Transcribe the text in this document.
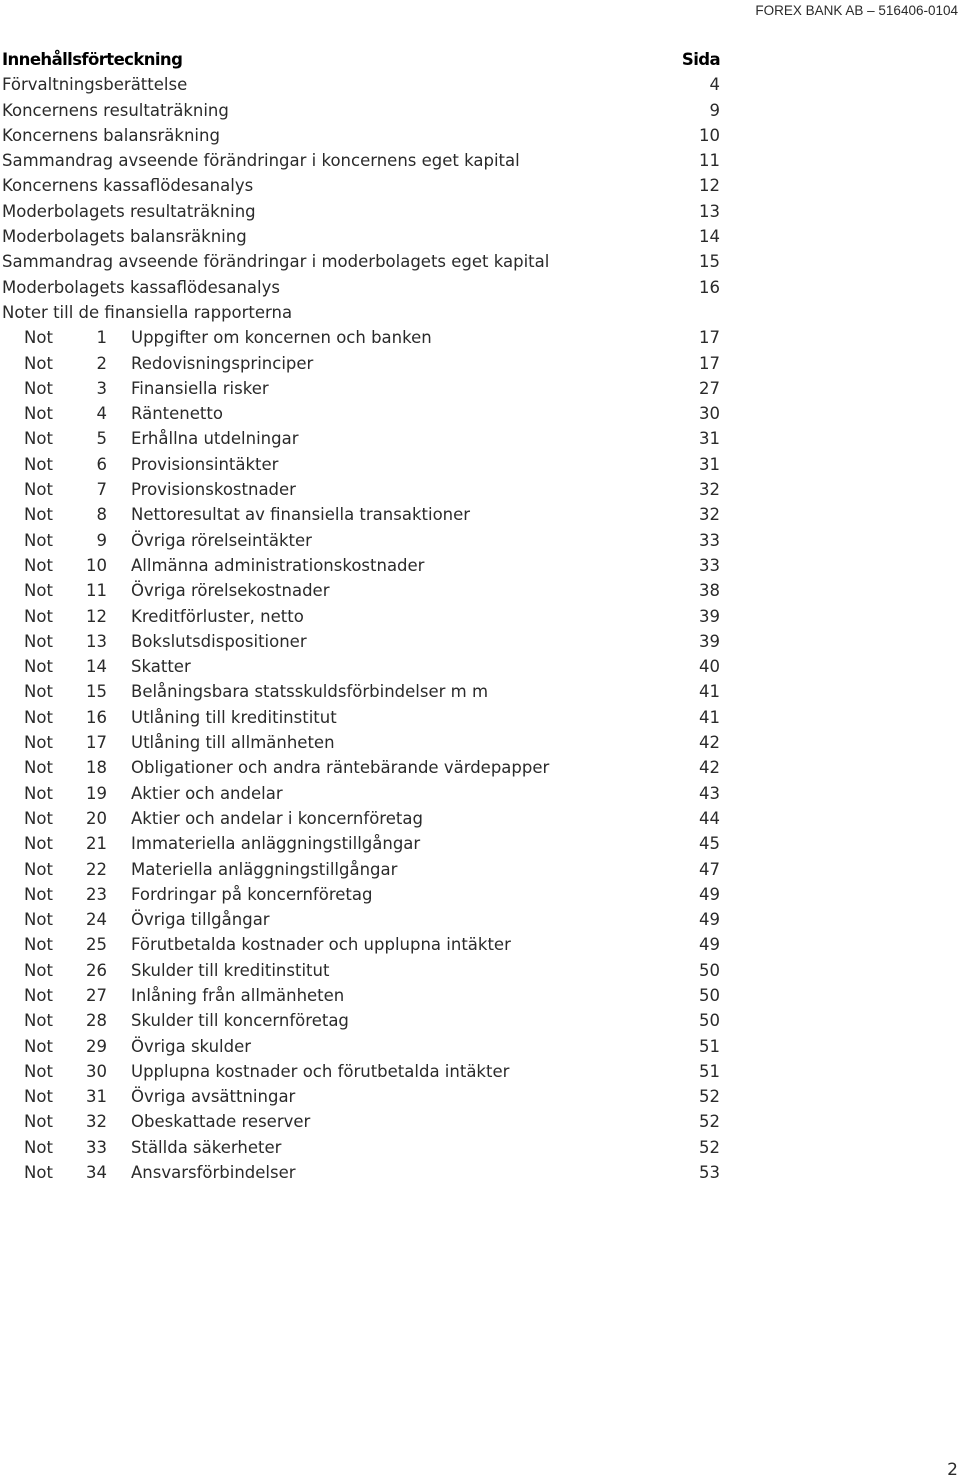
FOREX BANK AB – 516406-0104
Innehållsförteckning	Sida
Förvaltningsberättelse	4
Koncernens resultaträkning	9
Koncernens balansräkning	10
Sammandrag avseende förändringar i koncernens eget kapital	11
Koncernens kassaflödesanalys	12
Moderbolagets resultaträkning	13
Moderbolagets balansräkning	14
Sammandrag avseende förändringar i moderbolagets eget kapital	15
Moderbolagets kassaflödesanalys	16
Noter till de finansiella rapporterna
Not	1 Uppgifter om koncernen och banken	17
Not	2 Redovisningsprinciper	17
Not	3 Finansiella risker	27
Not	4 Räntenetto	30
Not	5 Erhållna utdelningar	31
Not	6 Provisionsintäkter	31
Not	7 Provisionskostnader	32
Not	8 Nettoresultat av finansiella transaktioner	32
Not	9 Övriga rörelseintäkter	33
Not	10 Allmänna administrationskostnader	33
Not	11 Övriga rörelsekostnader	38
Not	12 Kreditförluster, netto	39
Not	13 Bokslutsdispositioner	39
Not	14 Skatter	40
Not	15 Belåningsbara statsskuldsförbindelser m m	41
Not	16 Utlåning till kreditinstitut	41
Not	17 Utlåning till allmänheten	42
Not	18 Obligationer och andra räntebärande värdepapper	42
Not	19 Aktier och andelar	43
Not	20 Aktier och andelar i koncernföretag	44
Not	21 Immateriella anläggningstillgångar	45
Not	22 Materiella anläggningstillgångar	47
Not	23 Fordringar på koncernföretag	49
Not	24 Övriga tillgångar	49
Not	25 Förutbetalda kostnader och upplupna intäkter	49
Not	26 Skulder till kreditinstitut	50
Not	27 Inlåning från allmänheten	50
Not	28 Skulder till koncernföretag	50
Not	29 Övriga skulder	51
Not	30 Upplupna kostnader och förutbetalda intäkter	51
Not	31 Övriga avsättningar	52
Not	32 Obeskattade reserver	52
Not	33 Ställda säkerheter	52
Not	34 Ansvarsförbindelser	53
2
